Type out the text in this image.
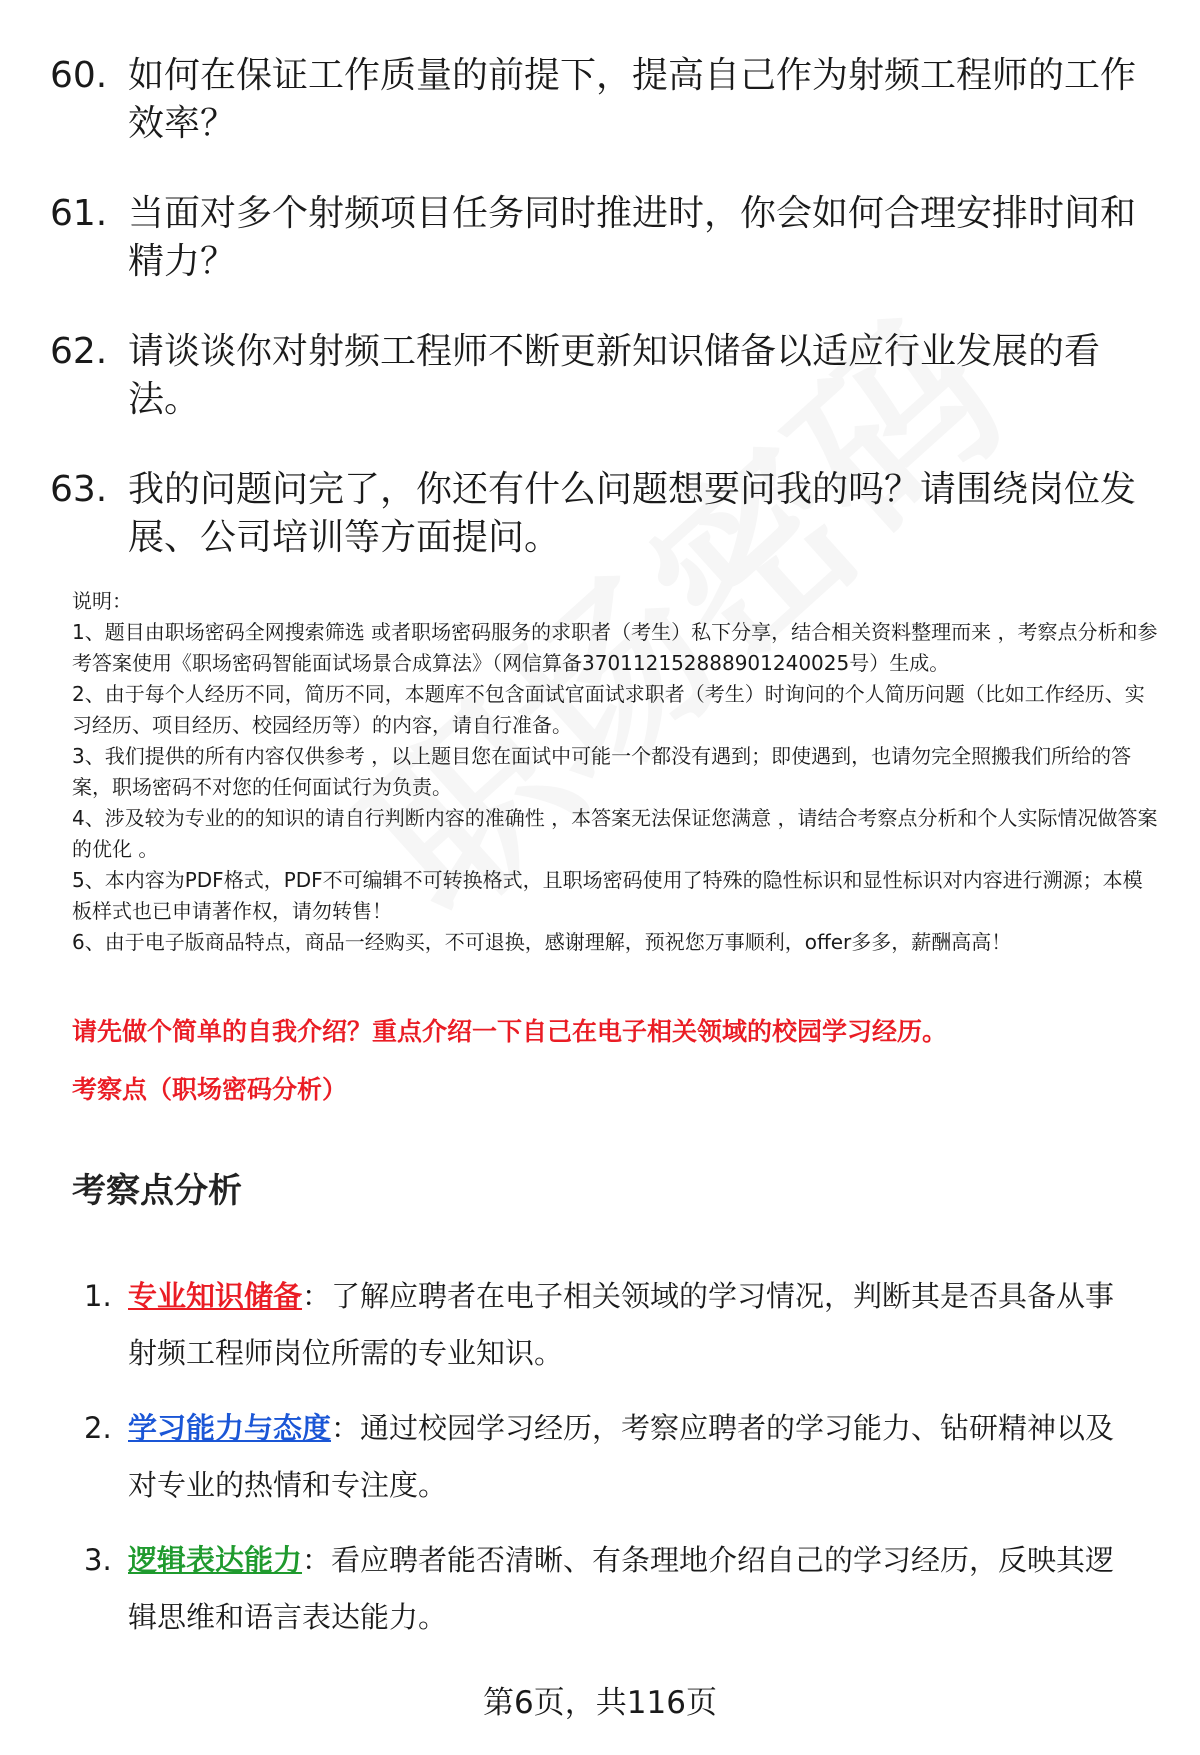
60. 如何在保证工作质量的前提下，提高自己作为射频工程师的工作效率？
61. 当面对多个射频项目任务同时推进时，你会如何合理安排时间和精力？
62. 请谈谈你对射频工程师不断更新知识储备以适应行业发展的看法。
63. 我的问题问完了，你还有什么问题想要问我的吗？请围绕岗位发展、公司培训等方面提问。
说明：
1、题目由职场密码全网搜索筛选 或者职场密码服务的求职者（考生）私下分享，结合相关资料整理而来 ，考察点分析和参考答案使用《职场密码智能面试场景合成算法》（网信算备370112152888901240025号）生成。
2、由于每个人经历不同，简历不同，本题库不包含面试官面试求职者（考生）时询问的个人简历问题（比如工作经历、实习经历、项目经历、校园经历等）的内容，请自行准备。
3、我们提供的所有内容仅供参考 ，以上题目您在面试中可能一个都没有遇到；即使遇到，也请勿完全照搬我们所给的答案，职场密码不对您的任何面试行为负责。
4、涉及较为专业的的知识的请自行判断内容的准确性 ，本答案无法保证您满意 ，请结合考察点分析和个人实际情况做答案的优化 。
5、本内容为PDF格式，PDF不可编辑不可转换格式，且职场密码使用了特殊的隐性标识和显性标识对内容进行溯源；本模板样式也已申请著作权，请勿转售！
6、由于电子版商品特点，商品一经购买，不可退换，感谢理解，预祝您万事顺利，offer多多，薪酬高高！
请先做个简单的自我介绍？重点介绍一下自己在电子相关领域的校园学习经历。
考察点（职场密码分析）
考察点分析
1. 专业知识储备：了解应聘者在电子相关领域的学习情况，判断其是否具备从事射频工程师岗位所需的专业知识。
2. 学习能力与态度：通过校园学习经历，考察应聘者的学习能力、钻研精神以及对专业的热情和专注度。
3. 逻辑表达能力：看应聘者能否清晰、有条理地介绍自己的学习经历，反映其逻辑思维和语言表达能力。
第6页，共116页
